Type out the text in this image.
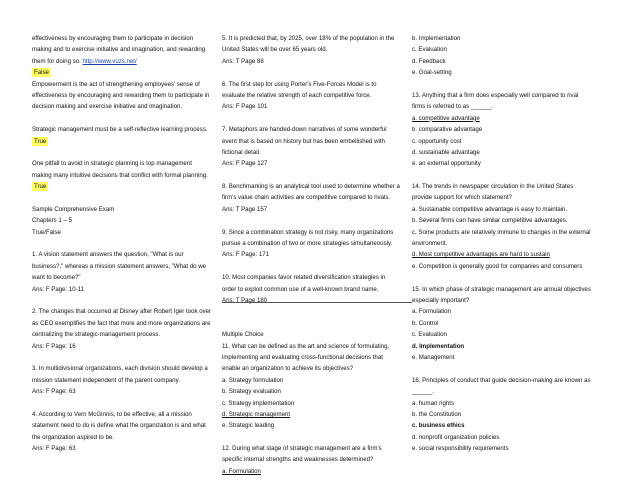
effectiveness by encouraging them to participate in decision
making and to exercise initiative and imagination, and rewarding
them for doing so. http://www.vuzs.net/
False
Empowerment is the act of strengthening employees' sense of
effectiveness by encouraging and rewarding them to participate in
decision making and exercise initiative and imagination.
Strategic management must be a self-reflective learning process.
True
One pitfall to avoid in strategic planning is top management
making many intuitive decisions that conflict with formal planning.
True
Sample Comprehensive Exam
Chapters 1 – 5
True/False
1. A vision statement answers the question, "What is our
business?," whereas a mission statement answers, "What do we
want to become?"
Ans: F Page: 10-11
2. The changes that occurred at Disney after Robert Iger took over
as CEO exemplifies the fact that more and more organizations are
centralizing the strategic-management process.
Ans: F Page: 16
3. In multidivisional organizations, each division should develop a
mission statement independent of the parent company.
Ans: F Page: 63
4. According to Vern McGinnis, to be effective, all a mission
statement need to do is define what the organization is and what
the organization aspired to be.
Ans: F Page: 63
5. It is predicted that, by 2025, over 18% of the population in the
United States will be over 65 years old.
Ans: T Page 88
6. The first step for using Porter's Five-Forces Model is to
evaluate the relative strength of each competitive force.
Ans: F Page 101
7. Metaphors are handed-down narratives of some wonderful
event that is based on history but has been embellished with
fictional detail.
Ans: F Page 127
8. Benchmarking is an analytical tool used to determine whether a
firm's value chain activities are competitive compared to rivals.
Ans: T Page 157
9. Since a combination strategy is not risky, many organizations
pursue a combination of two or more strategies simultaneously.
Ans: F Page: 171
10. Most companies favor related diversification strategies in
order to exploit common use of a well-known brand name.
Ans: T Page 180
Multiple Choice
11. What can be defined as the art and science of formulating,
implementing and evaluating cross-functional decisions that
enable an organization to achieve its objectives?
a. Strategy formulation
b. Strategy evaluation
c. Strategy implementation
d. Strategic management
e. Strategic leading
12. During what stage of strategic management are a firm's
specific internal strengths and weaknesses determined?
a. Formulation
b. Implementation
c. Evaluation
d. Feedback
e. Goal-setting
13. Anything that a firm does especially well compared to rival
firms is referred to as ______.
a. competitive advantage
b. comparative advantage
c. opportunity cost
d. sustainable advantage
e. an external opportunity
14. The trends in newspaper circulation in the United States
provide support for which statement?
a. Sustainable competitive advantage is easy to maintain.
b. Several firms can have similar competitive advantages.
c. Some products are relatively immune to changes in the external
environment.
d. Most competitive advantages are hard to sustain
e. Competition is generally good for companies and consumers
15. In which phase of strategic management are annual objectives
especially important?
a. Formulation
b. Control
c. Evaluation
d. Implementation
e. Management
16. Principles of conduct that guide decision-making are known as
______.
a. human rights
b. the Constitution
c. business ethics
d. nonprofit organization policies
e. social responsibility requirements
